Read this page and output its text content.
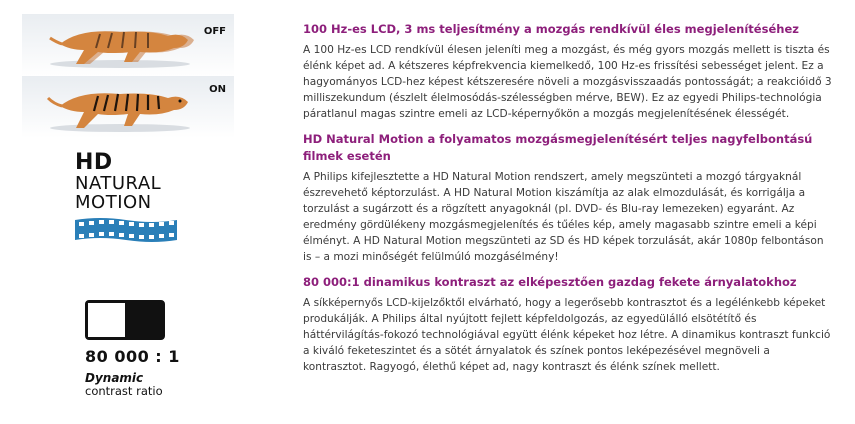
OFF
ON
HD
NATURAL
MOTION
80 000 : 1
Dynamic
contrast ratio
100 Hz-es LCD, 3 ms teljesítmény a mozgás rendkívül éles megjelenítéséhez

A 100 Hz-es LCD rendkívül élesen jeleníti meg a mozgást, és még gyors mozgás mellett is tiszta és élénk képet ad. A kétszeres képfrekvencia kiemelkedő, 100 Hz-es frissítési sebességet jelent. Ez a hagyományos LCD-hez képest kétszeresére növeli a mozgásvisszaadás pontosságát; a reakcióidő 3 milliszekundum (észlelt élelmosódás-szélességben mérve, BEW). Ez az egyedi Philips-technológia páratlanul magas szintre emeli az LCD-képernyőkön a mozgás megjelenítésének élességét.

HD Natural Motion a folyamatos mozgásmegjelenítésért teljes nagyfelbontású filmek esetén

A Philips kifejlesztette a HD Natural Motion rendszert, amely megszünteti a mozgó tárgyaknál észrevehető képtorzulást. A HD Natural Motion kiszámítja az alak elmozdulását, és korrigálja a torzulást a sugárzott és a rögzített anyagoknál (pl. DVD- és Blu-ray lemezeken) egyaránt. Az eredmény gördülékeny mozgásmegjelenítés és tűéles kép, amely magasabb szintre emeli a képi élményt. A HD Natural Motion megszünteti az SD és HD képek torzulását, akár 1080p felbontáson is – a mozi minőségét felülmúló mozgásélmény!

80 000:1 dinamikus kontraszt az elképesztően gazdag fekete árnyalatokhoz

A síkképernyős LCD-kijelzőktől elvárható, hogy a legerősebb kontrasztot és a legélénkebb képeket produkálják. A Philips által nyújtott fejlett képfeldolgozás, az egyedülálló elsötétítő és háttérvilágítás-fokozó technológiával együtt élénk képeket hoz létre. A dinamikus kontraszt funkció a kiváló feketeszintet és a sötét árnyalatok és színek pontos leképezésével megnöveli a kontrasztot. Ragyogó, élethű képet ad, nagy kontraszt és élénk színek mellett.
